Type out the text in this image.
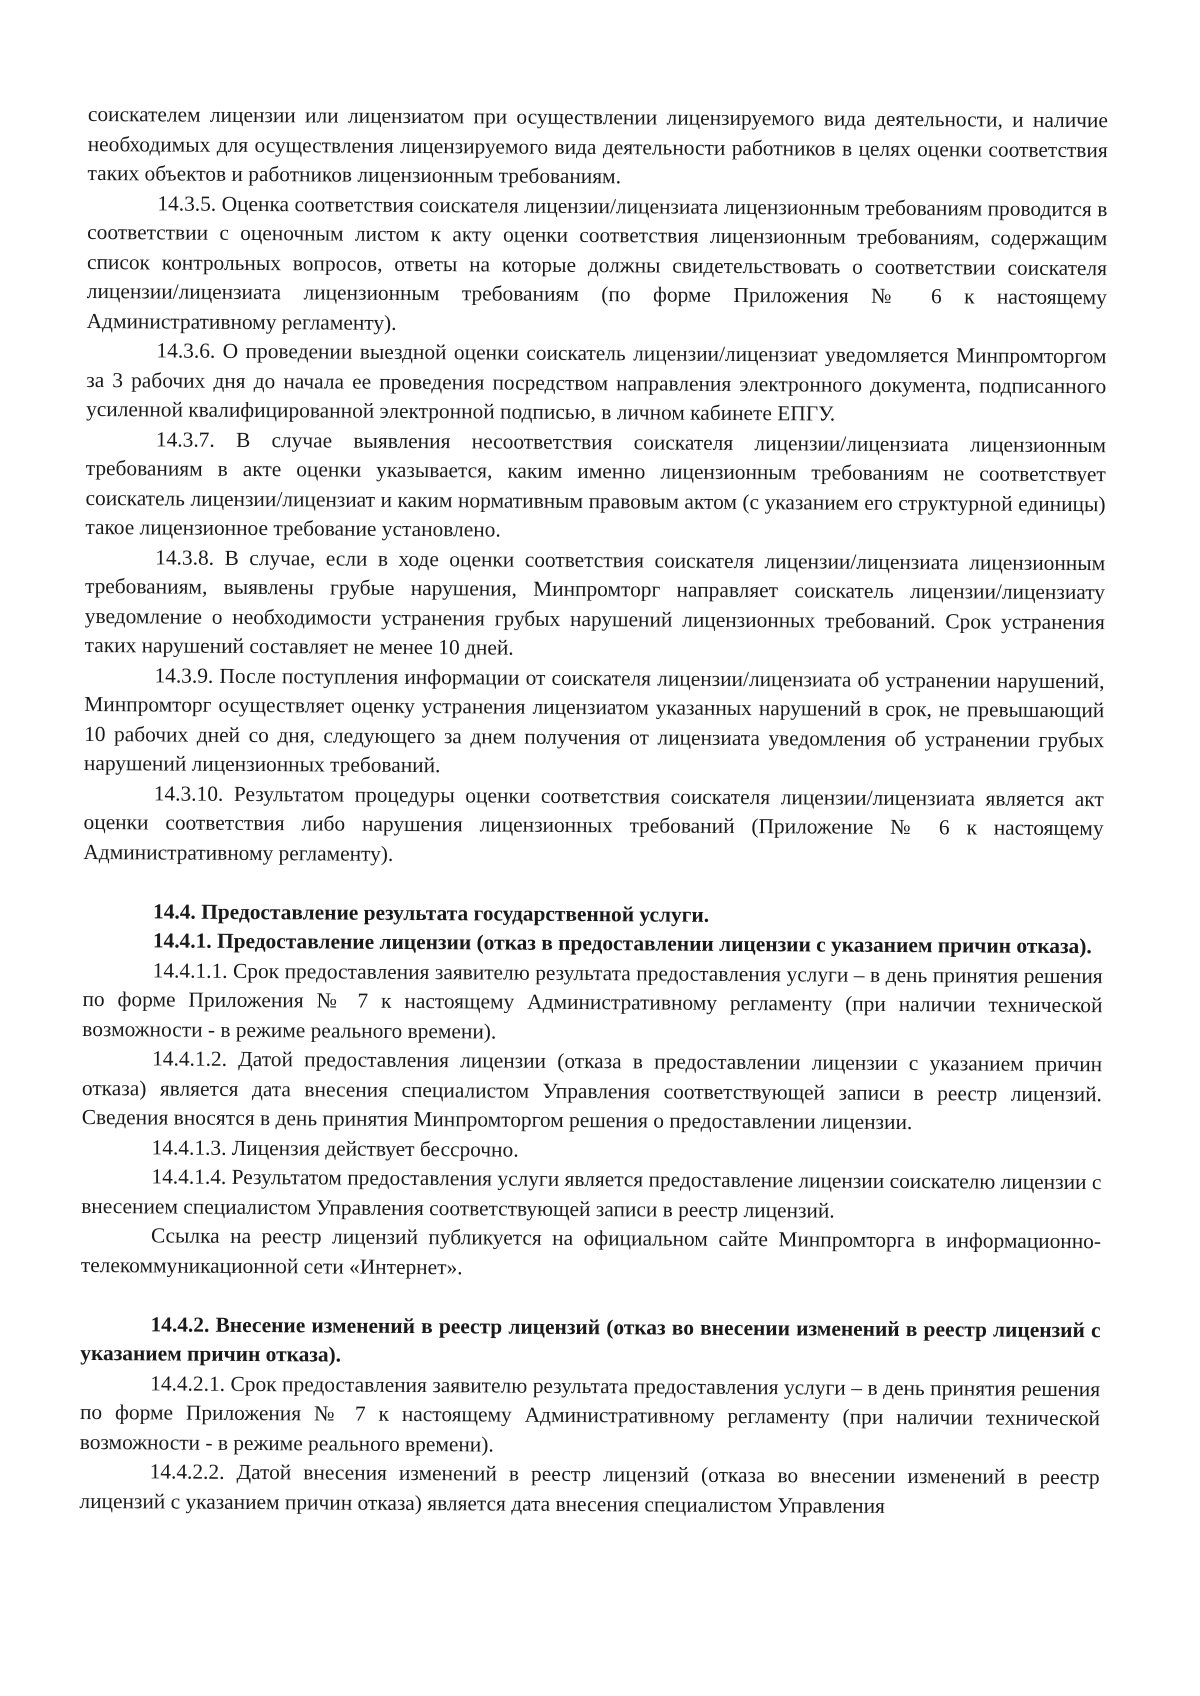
соискателем лицензии или лицензиатом при осуществлении лицензируемого вида деятельности, и наличие необходимых для осуществления лицензируемого вида деятельности работников в целях оценки соответствия таких объектов и работников лицензионным требованиям.

14.3.5. Оценка соответствия соискателя лицензии/лицензиата лицензионным требованиям проводится в соответствии с оценочным листом к акту оценки соответствия лицензионным требованиям, содержащим список контрольных вопросов, ответы на которые должны свидетельствовать о соответствии соискателя лицензии/лицензиата лицензионным требованиям (по форме Приложения № 6 к настоящему Административному регламенту).

14.3.6. О проведении выездной оценки соискатель лицензии/лицензиат уведомляется Минпромторгом за 3 рабочих дня до начала ее проведения посредством направления электронного документа, подписанного усиленной квалифицированной электронной подписью, в личном кабинете ЕПГУ.

14.3.7. В случае выявления несоответствия соискателя лицензии/лицензиата лицензионным требованиям в акте оценки указывается, каким именно лицензионным требованиям не соответствует соискатель лицензии/лицензиат и каким нормативным правовым актом (с указанием его структурной единицы) такое лицензионное требование установлено.

14.3.8. В случае, если в ходе оценки соответствия соискателя лицензии/лицензиата лицензионным требованиям, выявлены грубые нарушения, Минпромторг направляет соискатель лицензии/лицензиату уведомление о необходимости устранения грубых нарушений лицензионных требований. Срок устранения таких нарушений составляет не менее 10 дней.

14.3.9. После поступления информации от соискателя лицензии/лицензиата об устранении нарушений, Минпромторг осуществляет оценку устранения лицензиатом указанных нарушений в срок, не превышающий 10 рабочих дней со дня, следующего за днем получения от лицензиата уведомления об устранении грубых нарушений лицензионных требований.

14.3.10. Результатом процедуры оценки соответствия соискателя лицензии/лицензиата является акт оценки соответствия либо нарушения лицензионных требований (Приложение № 6 к настоящему Административному регламенту).

14.4. Предоставление результата государственной услуги.

14.4.1. Предоставление лицензии (отказ в предоставлении лицензии с указанием причин отказа).

14.4.1.1. Срок предоставления заявителю результата предоставления услуги – в день принятия решения по форме Приложения № 7 к настоящему Административному регламенту (при наличии технической возможности - в режиме реального времени).

14.4.1.2. Датой предоставления лицензии (отказа в предоставлении лицензии с указанием причин отказа) является дата внесения специалистом Управления соответствующей записи в реестр лицензий. Сведения вносятся в день принятия Минпромторгом решения о предоставлении лицензии.

14.4.1.3. Лицензия действует бессрочно.

14.4.1.4. Результатом предоставления услуги является предоставление лицензии соискателю лицензии с внесением специалистом Управления соответствующей записи в реестр лицензий.

Ссылка на реестр лицензий публикуется на официальном сайте Минпромторга в информационно-телекоммуникационной сети «Интернет».

14.4.2. Внесение изменений в реестр лицензий (отказ во внесении изменений в реестр лицензий с указанием причин отказа).

14.4.2.1. Срок предоставления заявителю результата предоставления услуги – в день принятия решения по форме Приложения № 7 к настоящему Административному регламенту (при наличии технической возможности - в режиме реального времени).

14.4.2.2. Датой внесения изменений в реестр лицензий (отказа во внесении изменений в реестр лицензий с указанием причин отказа) является дата внесения специалистом Управления
